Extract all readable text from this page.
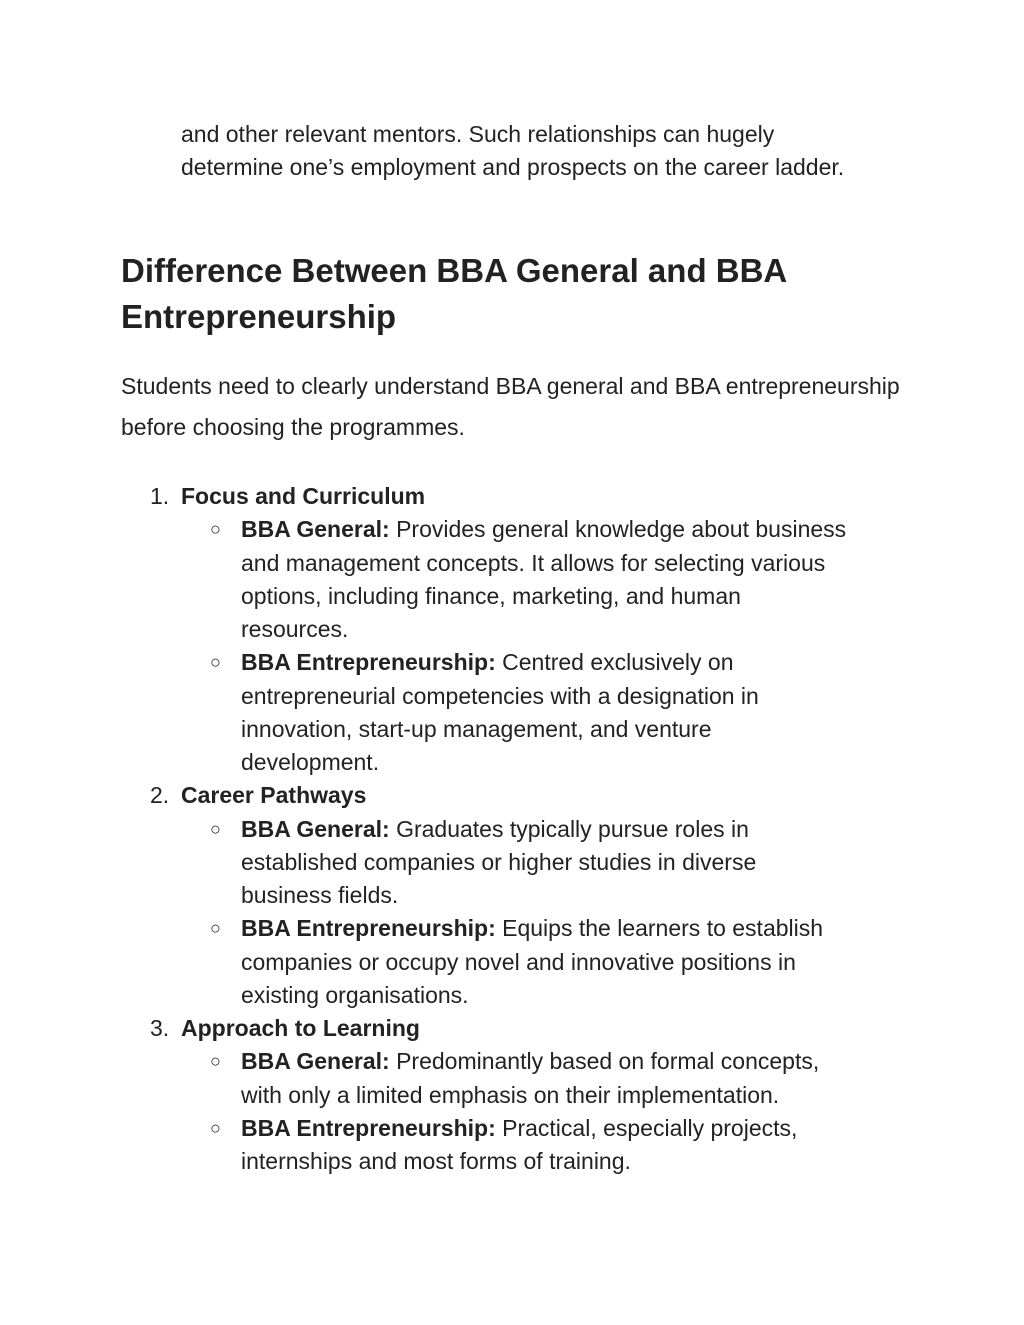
and other relevant mentors. Such relationships can hugely determine one’s employment and prospects on the career ladder.

Difference Between BBA General and BBA Entrepreneurship

Students need to clearly understand BBA general and BBA entrepreneurship before choosing the programmes.

1. Focus and Curriculum
○ BBA General: Provides general knowledge about business and management concepts. It allows for selecting various options, including finance, marketing, and human resources.
○ BBA Entrepreneurship: Centred exclusively on entrepreneurial competencies with a designation in innovation, start-up management, and venture development.
2. Career Pathways
○ BBA General: Graduates typically pursue roles in established companies or higher studies in diverse business fields.
○ BBA Entrepreneurship: Equips the learners to establish companies or occupy novel and innovative positions in existing organisations.
3. Approach to Learning
○ BBA General: Predominantly based on formal concepts, with only a limited emphasis on their implementation.
○ BBA Entrepreneurship: Practical, especially projects, internships and most forms of training.
